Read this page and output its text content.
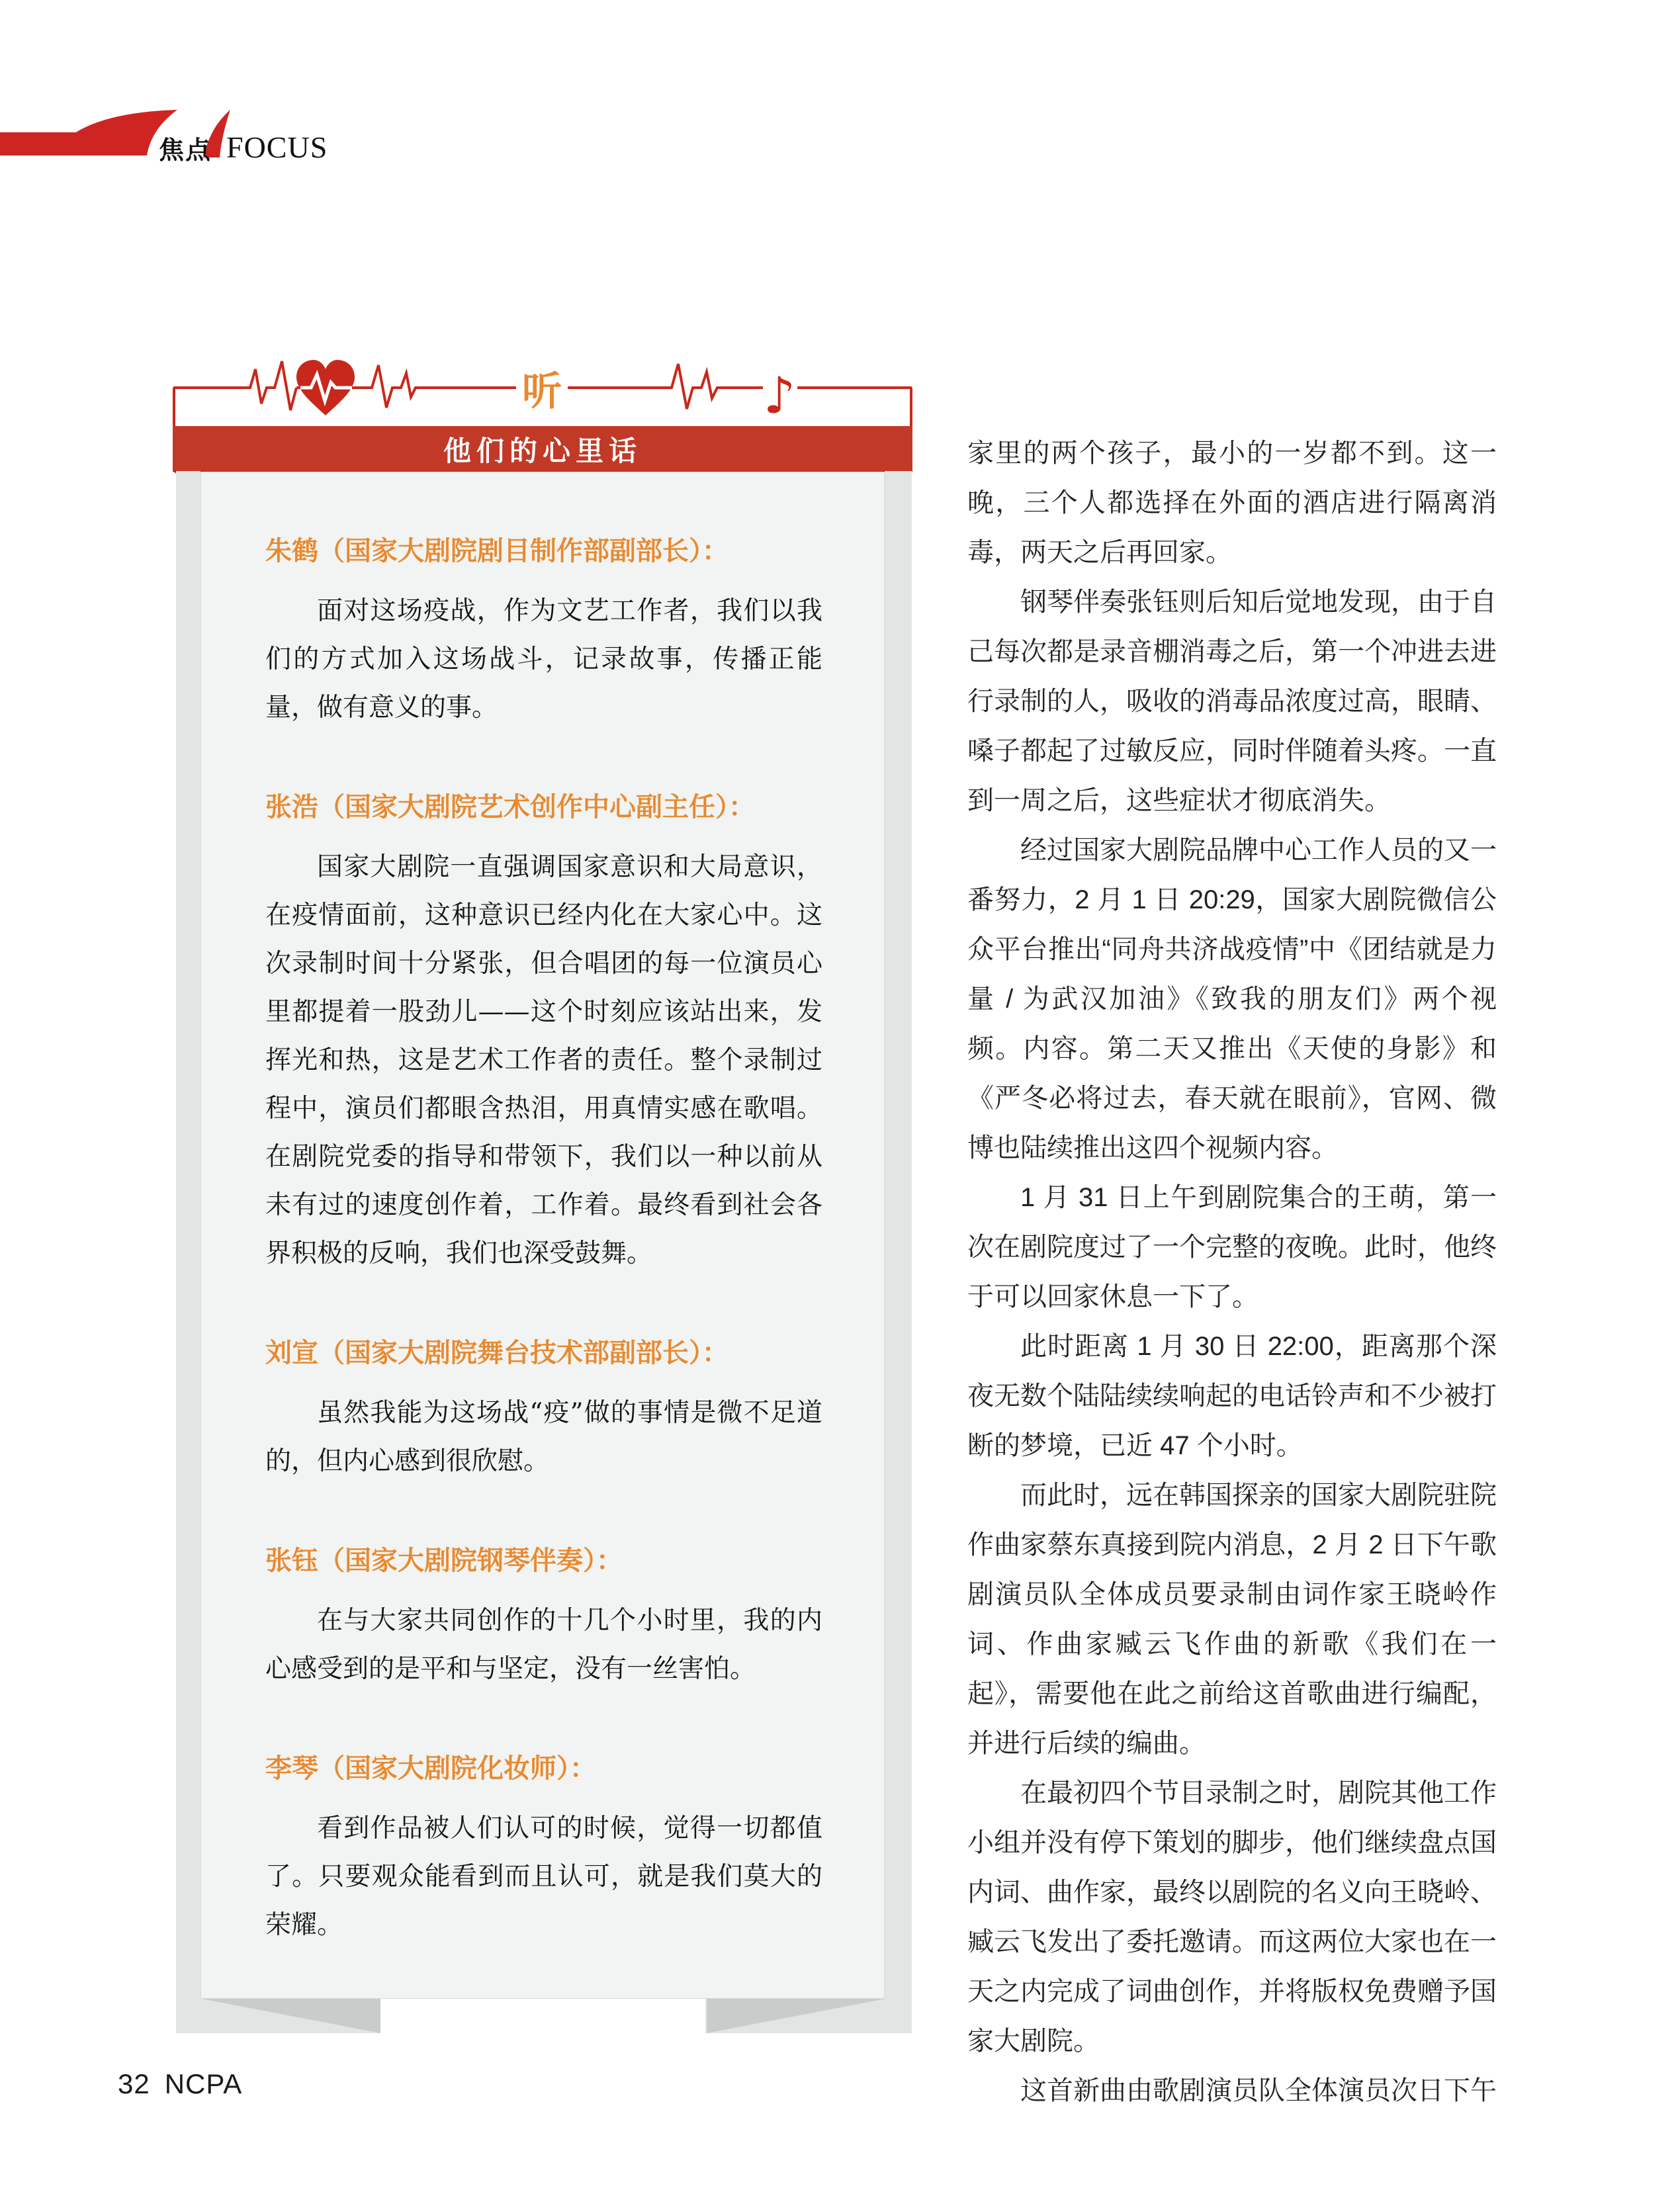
焦点 FOCUS
听	♪
他们的心里话
朱鹤（国家大剧院剧目制作部副部长）：

面对这场疫战，作为文艺工作者，我们以我们的方式加入这场战斗，记录故事，传播正能量，做有意义的事。

张浩（国家大剧院艺术创作中心副主任）：

国家大剧院一直强调国家意识和大局意识，在疫情面前，这种意识已经内化在大家心中。这次录制时间十分紧张，但合唱团的每一位演员心里都提着一股劲儿——这个时刻应该站出来，发挥光和热，这是艺术工作者的责任。整个录制过程中，演员们都眼含热泪，用真情实感在歌唱。在剧院党委的指导和带领下，我们以一种以前从未有过的速度创作着，工作着。最终看到社会各界积极的反响，我们也深受鼓舞。

刘宣（国家大剧院舞台技术部副部长）：

虽然我能为这场战“疫”做的事情是微不足道的，但内心感到很欣慰。

张钰（国家大剧院钢琴伴奏）：

在与大家共同创作的十几个小时里，我的内心感受到的是平和与坚定，没有一丝害怕。

李琴（国家大剧院化妆师）：

看到作品被人们认可的时候，觉得一切都值了。只要观众能看到而且认可，就是我们莫大的荣耀。

家里的两个孩子，最小的一岁都不到。这一晚，三个人都选择在外面的酒店进行隔离消毒，两天之后再回家。

钢琴伴奏张钰则后知后觉地发现，由于自己每次都是录音棚消毒之后，第一个冲进去进行录制的人，吸收的消毒品浓度过高，眼睛、嗓子都起了过敏反应，同时伴随着头疼。一直到一周之后，这些症状才彻底消失。

经过国家大剧院品牌中心工作人员的又一番努力，2 月 1 日 20:29，国家大剧院微信公众平台推出“同舟共济战疫情”中《团结就是力量 / 为武汉加油》《致我的朋友们》两个视频。内容。第二天又推出《天使的身影》和《严冬必将过去，春天就在眼前》，官网、微博也陆续推出这四个视频内容。

1 月 31 日上午到剧院集合的王萌，第一次在剧院度过了一个完整的夜晚。此时，他终于可以回家休息一下了。

此时距离 1 月 30 日 22:00，距离那个深夜无数个陆陆续续响起的电话铃声和不少被打断的梦境，已近 47 个小时。

而此时，远在韩国探亲的国家大剧院驻院作曲家蔡东真接到院内消息，2 月 2 日下午歌剧演员队全体成员要录制由词作家王晓岭作词、作曲家臧云飞作曲的新歌《我们在一起》，需要他在此之前给这首歌曲进行编配，并进行后续的编曲。

在最初四个节目录制之时，剧院其他工作小组并没有停下策划的脚步，他们继续盘点国内词、曲作家，最终以剧院的名义向王晓岭、臧云飞发出了委托邀请。而这两位大家也在一天之内完成了词曲创作，并将版权免费赠予国家大剧院。

这首新曲由歌剧演员队全体演员次日下午

32 NCPA
